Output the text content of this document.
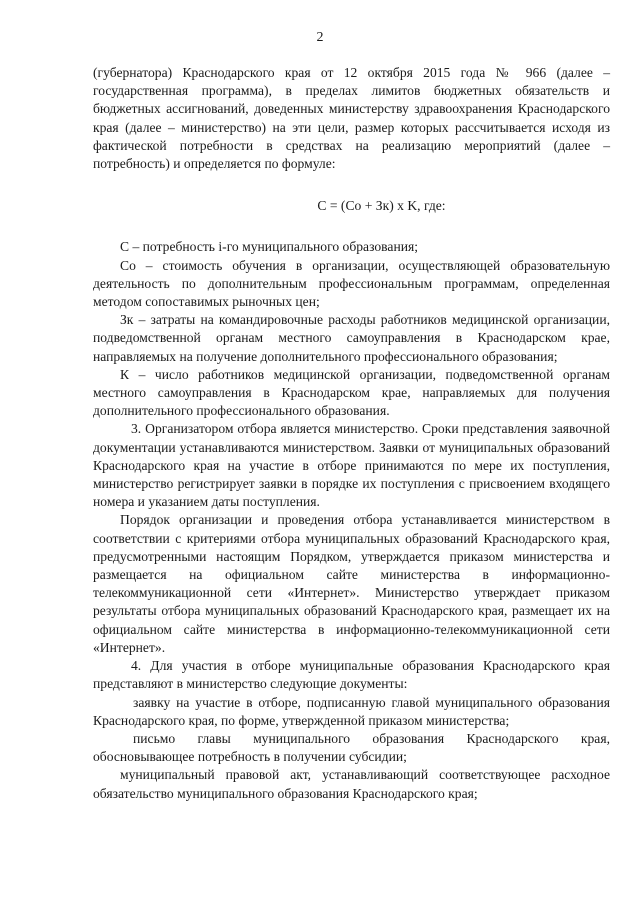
2

(губернатора) Краснодарского края от 12 октября 2015 года № 966 (далее – государственная программа), в пределах лимитов бюджетных обязательств и бюджетных ассигнований, доведенных министерству здравоохранения Краснодарского края (далее – министерство) на эти цели, размер которых рассчитывается исходя из фактической потребности в средствах на реализацию мероприятий (далее – потребность) и определяется по формуле:

C = (Co + Зк) x K, где:

С – потребность i-го муниципального образования;

Со – стоимость обучения в организации, осуществляющей образовательную деятельность по дополнительным профессиональным программам, определенная методом сопоставимых рыночных цен;

Зк – затраты на командировочные расходы работников медицинской организации, подведомственной органам местного самоуправления в Краснодарском крае, направляемых на получение дополнительного профессионального образования;

К – число работников медицинской организации, подведомственной органам местного самоуправления в Краснодарском крае, направляемых для получения дополнительного профессионального образования.

3. Организатором отбора является министерство. Сроки представления заявочной документации устанавливаются министерством. Заявки от муниципальных образований Краснодарского края на участие в отборе принимаются по мере их поступления, министерство регистрирует заявки в порядке их поступления с присвоением входящего номера и указанием даты поступления.

Порядок организации и проведения отбора устанавливается министерством в соответствии с критериями отбора муниципальных образований Краснодарского края, предусмотренными настоящим Порядком, утверждается приказом министерства и размещается на официальном сайте министерства в информационно-телекоммуникационной сети «Интернет». Министерство утверждает приказом результаты отбора муниципальных образований Краснодарского края, размещает их на официальном сайте министерства в информационно-телекоммуникационной сети «Интернет».

4. Для участия в отборе муниципальные образования Краснодарского края представляют в министерство следующие документы:

заявку на участие в отборе, подписанную главой муниципального образования Краснодарского края, по форме, утвержденной приказом министерства;

письмо главы муниципального образования Краснодарского края, обосновывающее потребность в получении субсидии;

муниципальный правовой акт, устанавливающий соответствующее расходное обязательство муниципального образования Краснодарского края;
